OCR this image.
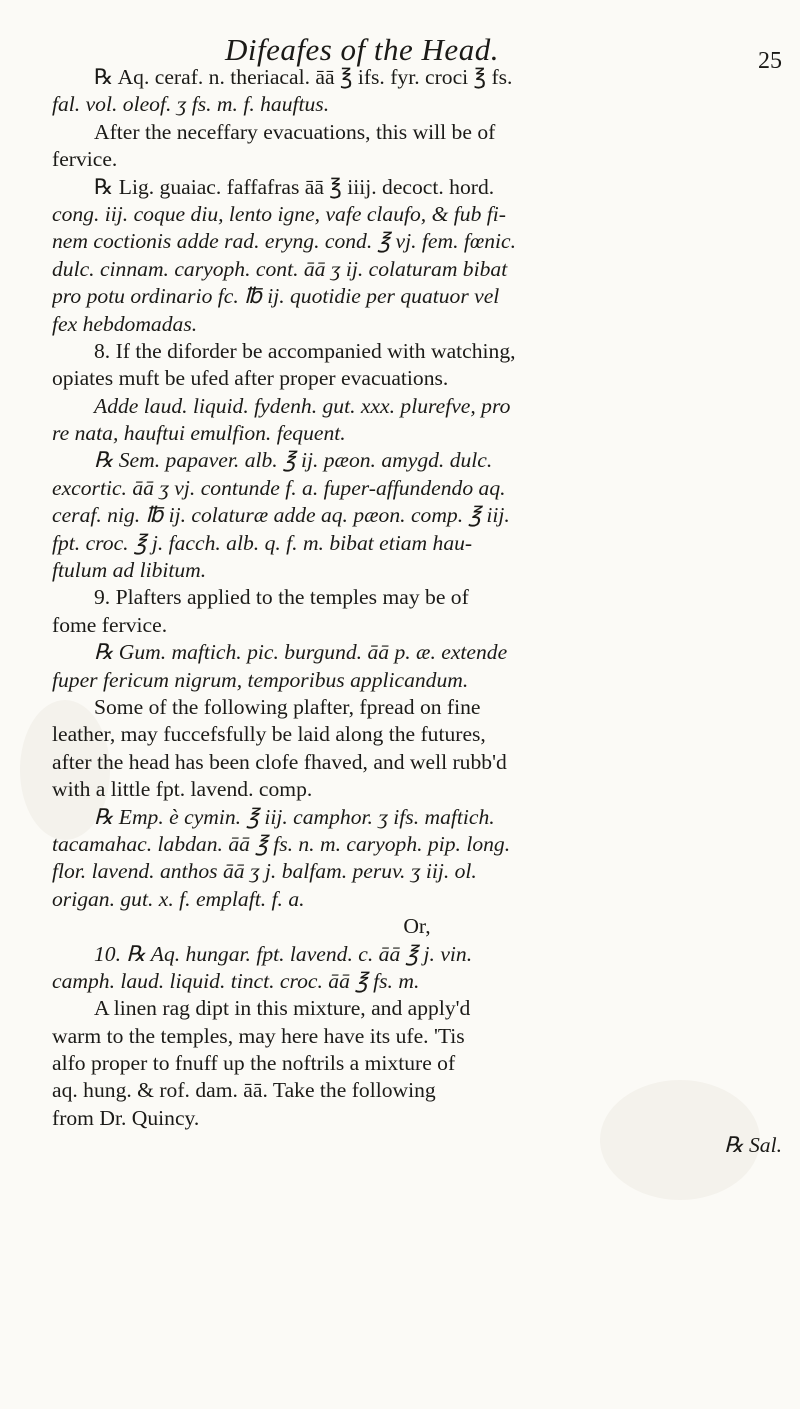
Difeafes of the Head.	25
℞ Aq. ceraf. n. theriacal. āā ℥ ifs. fyr. croci ℥ fs.
fal. vol. oleof. ʒ fs. m. f. hauftus.
After the neceffary evacuations, this will be of
fervice.
℞ Lig. guaiac. faffafras āā ℥ iiij. decoct. hord.
cong. iij. coque diu, lento igne, vafe claufo, & fub fi-
nem coctionis adde rad. eryng. cond. ℥ vj. fem. fœnic.
dulc. cinnam. caryoph. cont. āā ʒ ij. colaturam bibat
pro potu ordinario fc. ℔ ij. quotidie per quatuor vel
fex hebdomadas.
8. If the diforder be accompanied with watching,
opiates muft be ufed after proper evacuations.
Adde laud. liquid. fydenh. gut. xxx. plurefve, pro
re nata, hauftui emulfion. fequent.
℞ Sem. papaver. alb. ℥ ij. pæon. amygd. dulc.
excortic. āā ʒ vj. contunde f. a. fuper-affundendo aq.
ceraf. nig. ℔ ij. colaturæ adde aq. pæon. comp. ℥ iij.
fpt. croc. ℥ j. facch. alb. q. f. m. bibat etiam hau-
ftulum ad libitum.
9. Plafters applied to the temples may be of
fome fervice.
℞ Gum. maftich. pic. burgund. āā p. æ. extende
fuper fericum nigrum, temporibus applicandum.
Some of the following plafter, fpread on fine
leather, may fuccefsfully be laid along the futures,
after the head has been clofe fhaved, and well rubb'd
with a little fpt. lavend. comp.
℞ Emp. è cymin. ℥ iij. camphor. ʒ ifs. maftich.
tacamahac. labdan. āā ℥ fs. n. m. caryoph. pip. long.
flor. lavend. anthos āā ʒ j. balfam. peruv. ʒ iij. ol.
origan. gut. x. f. emplaft. f. a.
Or,
10. ℞ Aq. hungar. fpt. lavend. c. āā ℥ j. vin.
camph. laud. liquid. tinct. croc. āā ℥ fs. m.
A linen rag dipt in this mixture, and apply'd
warm to the temples, may here have its ufe. 'Tis
alfo proper to fnuff up the noftrils a mixture of
aq. hung. & rof. dam. āā. Take the following
from Dr. Quincy.
℞ Sal.
